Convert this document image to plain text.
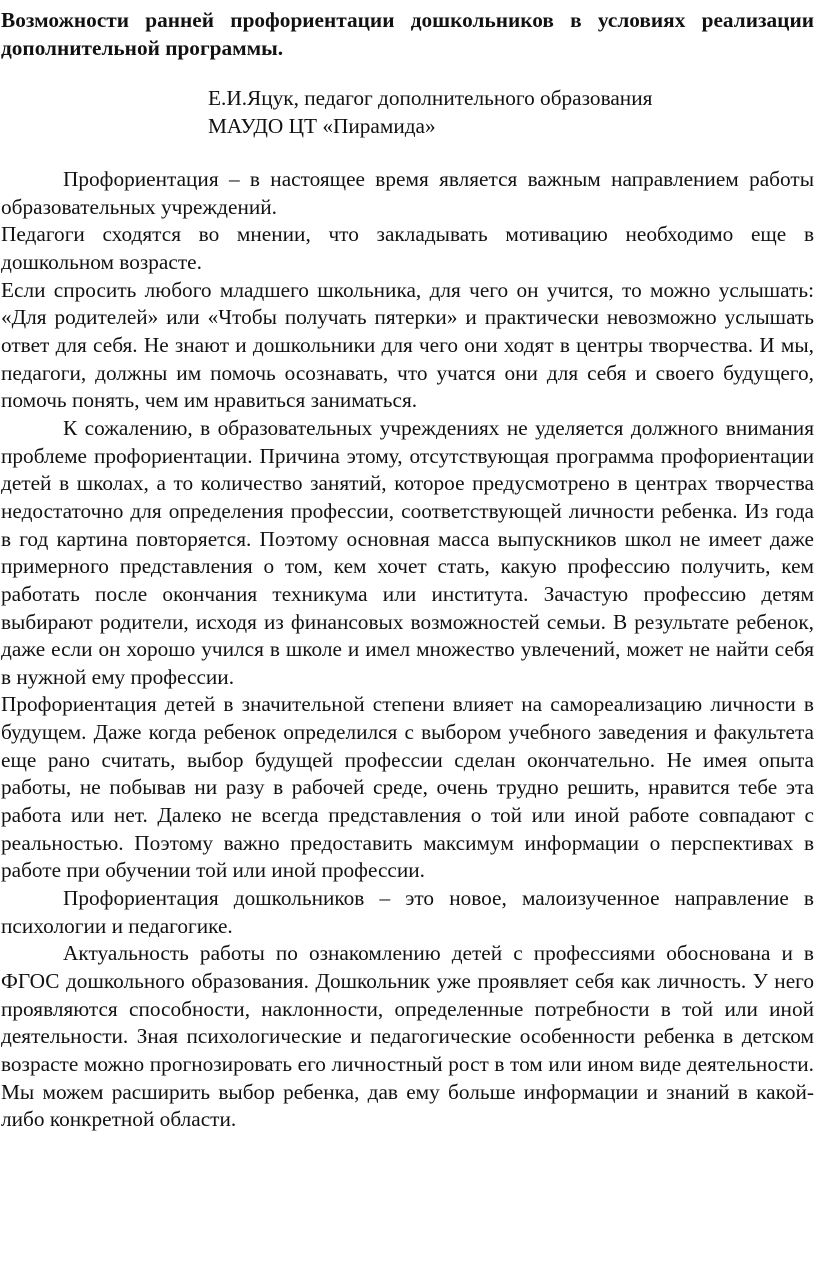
Возможности ранней профориентации дошкольников в условиях реализации дополнительной программы.
Е.И.Яцук, педагог дополнительного образования
МАУДО ЦТ «Пирамида»

Профориентация – в настоящее время является важным направлением работы образовательных учреждений.

Педагоги сходятся во мнении, что закладывать мотивацию необходимо еще в дошкольном возрасте.

Если спросить любого младшего школьника, для чего он учится, то можно услышать: «Для родителей» или «Чтобы получать пятерки» и практически невозможно услышать ответ для себя. Не знают и дошкольники для чего они ходят в центры творчества. И мы, педагоги, должны им помочь осознавать, что учатся они для себя и своего будущего, помочь понять, чем им нравиться заниматься.

К сожалению, в образовательных учреждениях не уделяется должного внимания проблеме профориентации. Причина этому, отсутствующая программа профориентации детей в школах, а то количество занятий, которое предусмотрено в центрах творчества недостаточно для определения профессии, соответствующей личности ребенка. Из года в год картина повторяется. Поэтому основная масса выпускников школ не имеет даже примерного представления о том, кем хочет стать, какую профессию получить, кем работать после окончания техникума или института. Зачастую профессию детям выбирают родители, исходя из финансовых возможностей семьи. В результате ребенок, даже если он хорошо учился в школе и имел множество увлечений, может не найти себя в нужной ему профессии.

Профориентация детей в значительной степени влияет на самореализацию личности в будущем. Даже когда ребенок определился с выбором учебного заведения и факультета еще рано считать, выбор будущей профессии сделан окончательно. Не имея опыта работы, не побывав ни разу в рабочей среде, очень трудно решить, нравится тебе эта работа или нет. Далеко не всегда представления о той или иной работе совпадают с реальностью. Поэтому важно предоставить максимум информации о перспективах в работе при обучении той или иной профессии.

Профориентация дошкольников – это новое, малоизученное направление в психологии и педагогике.

Актуальность работы по ознакомлению детей с профессиями обоснована и в ФГОС дошкольного образования. Дошкольник уже проявляет себя как личность. У него проявляются способности, наклонности, определенные потребности в той или иной деятельности. Зная психологические и педагогические особенности ребенка в детском возрасте можно прогнозировать его личностный рост в том или ином виде деятельности. Мы можем расширить выбор ребенка, дав ему больше информации и знаний в какой-либо конкретной области.
